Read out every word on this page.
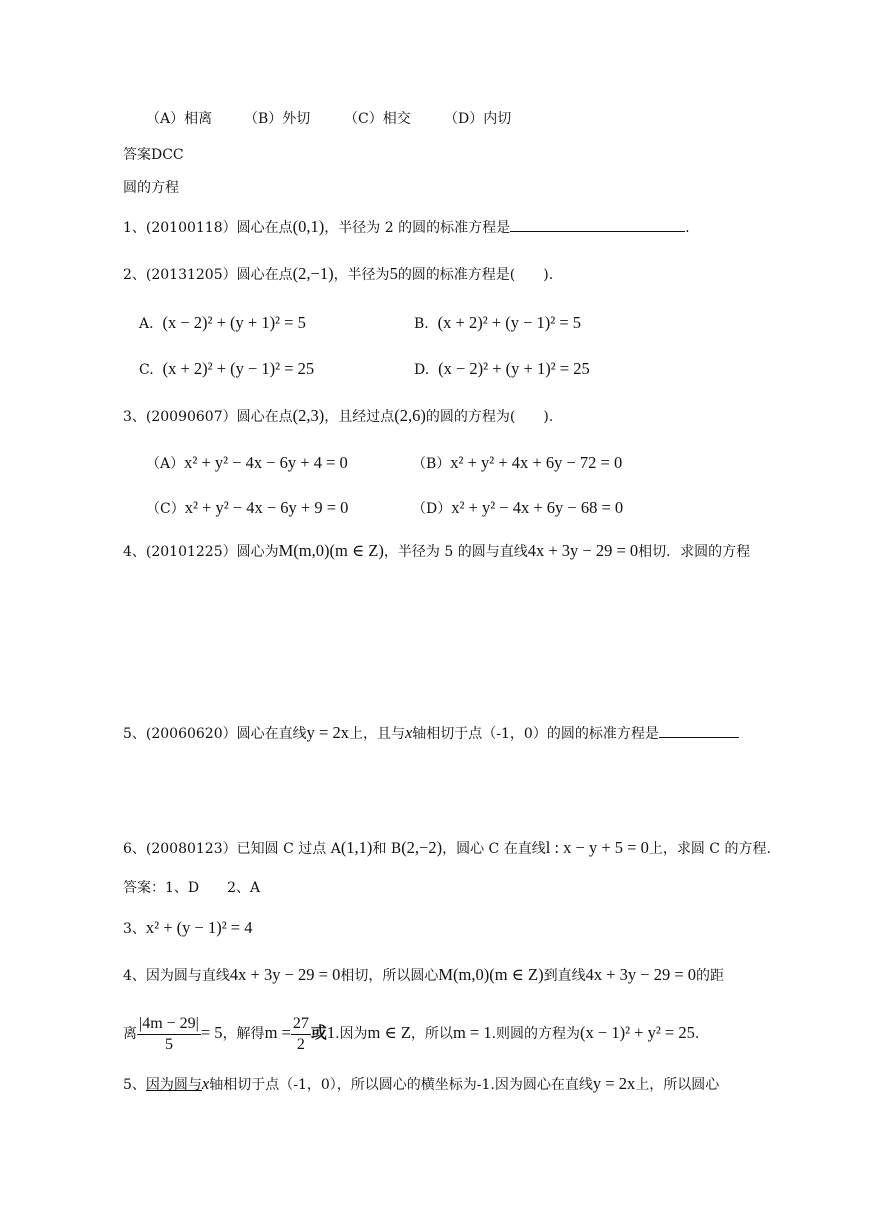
（A）相离 （B）外切 （C）相交 （D）内切
答案DCC
圆的方程
1、(20100118）圆心在点(0,1)，半径为 2 的圆的标准方程是	.
2、(20131205）圆心在点(2,−1)，半径为5的圆的标准方程是(　　).
A. (x − 2)² + (y + 1)² = 5	B. (x + 2)² + (y − 1)² = 5
C. (x + 2)² + (y − 1)² = 25	D. (x − 2)² + (y + 1)² = 25
3、(20090607）圆心在点(2,3)，且经过点(2,6)的圆的方程为(　　).
（A）x² + y² − 4x − 6y + 4 = 0	（B）x² + y² + 4x + 6y − 72 = 0
（C）x² + y² − 4x − 6y + 9 = 0	（D）x² + y² − 4x + 6y − 68 = 0
4、(20101225）圆心为M(m,0)(m ∈ Z)，半径为 5 的圆与直线4x + 3y − 29 = 0相切．求圆的方程
5、(20060620）圆心在直线y = 2x上，且与x轴相切于点（-1，0）的圆的标准方程是
6、(20080123）已知圆 C 过点 A(1,1)和 B(2,−2)，圆心 C 在直线l : x − y + 5 = 0上，求圆 C 的方程.
答案：1、D　　2、A
3、x² + (y − 1)² = 4
4、因为圆与直线4x + 3y − 29 = 0相切，所以圆心M(m,0)(m ∈ Z)到直线4x + 3y − 29 = 0的距
离 $\frac{|4m - 29|}{5} = 5$，解得$m = \frac{27}{2}$ 或1.因为m ∈ Z，所以m = 1.则圆的方程为(x − 1)² + y² = 25.
5、因为圆与x轴相切于点（-1，0），所以圆心的横坐标为-1.因为圆心在直线y = 2x上，所以圆心
